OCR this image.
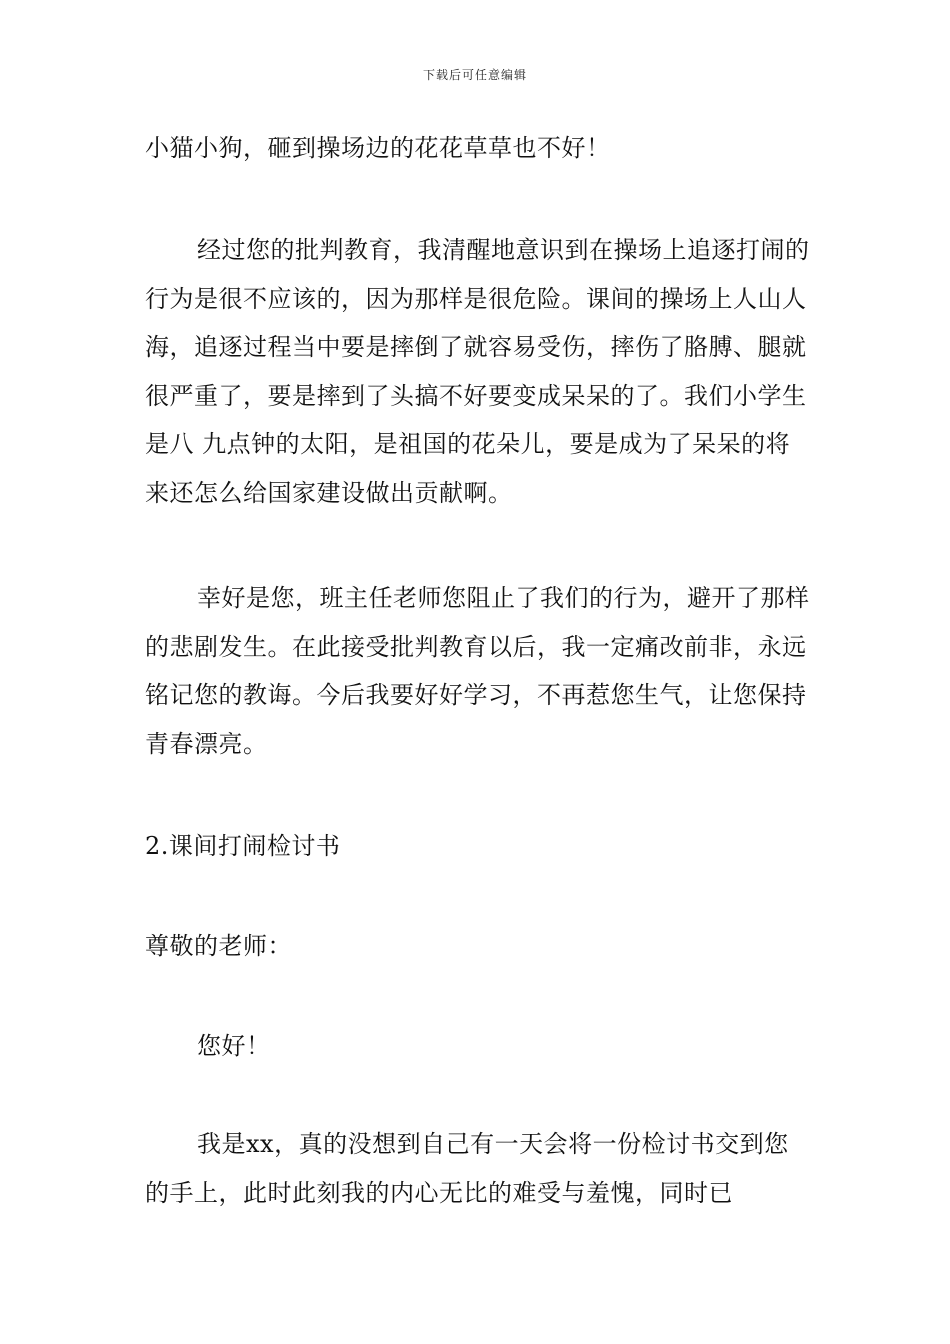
下载后可任意编辑
小猫小狗，砸到操场边的花花草草也不好！
经过您的批判教育，我清醒地意识到在操场上追逐打闹的行为是很不应该的，因为那样是很危险。课间的操场上人山人海，追逐过程当中要是摔倒了就容易受伤，摔伤了胳膊、腿就很严重了，要是摔到了头搞不好要变成呆呆的了。我们小学生是八 九点钟的太阳，是祖国的花朵儿，要是成为了呆呆的将来还怎么给国家建设做出贡献啊。
幸好是您，班主任老师您阻止了我们的行为，避开了那样的悲剧发生。在此接受批判教育以后，我一定痛改前非，永远铭记您的教诲。今后我要好好学习，不再惹您生气，让您保持青春漂亮。
2.课间打闹检讨书
尊敬的老师：
您好！
我是xx，真的没想到自己有一天会将一份检讨书交到您的手上，此时此刻我的内心无比的难受与羞愧，同时已
